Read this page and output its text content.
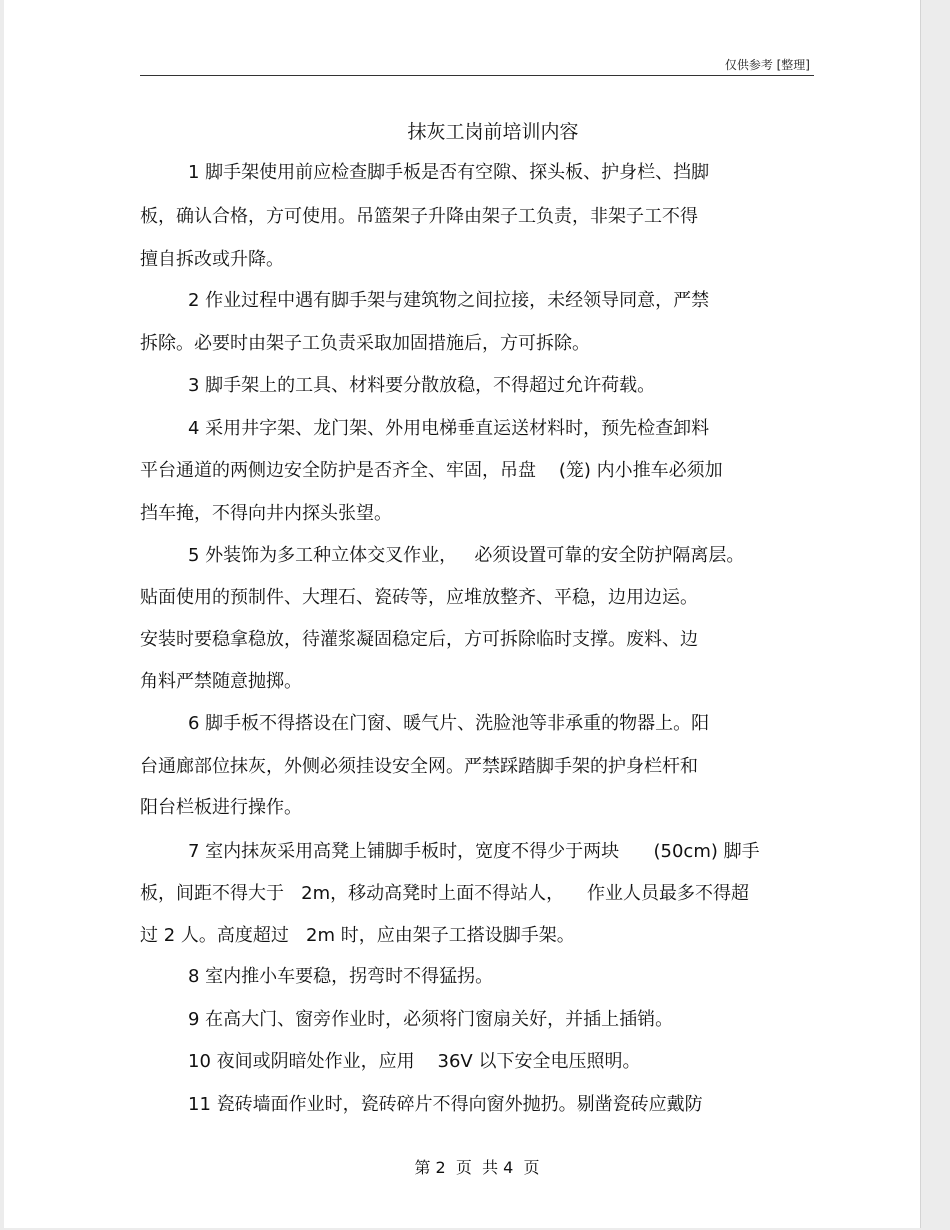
仅供参考 [整理]
抹灰工岗前培训内容
1 脚手架使用前应检查脚手板是否有空隙、探头板、护身栏、挡脚
板，确认合格，方可使用。吊篮架子升降由架子工负责，非架子工不得
擅自拆改或升降。
2 作业过程中遇有脚手架与建筑物之间拉接，未经领导同意，严禁
拆除。必要时由架子工负责采取加固措施后，方可拆除。
3 脚手架上的工具、材料要分散放稳，不得超过允许荷载。
4 采用井字架、龙门架、外用电梯垂直运送材料时，预先检查卸料
平台通道的两侧边安全防护是否齐全、牢固，吊盘    (笼) 内小推车必须加
挡车掩，不得向井内探头张望。
5 外装饰为多工种立体交叉作业，   必须设置可靠的安全防护隔离层。
贴面使用的预制件、大理石、瓷砖等，应堆放整齐、平稳，边用边运。
安装时要稳拿稳放，待灌浆凝固稳定后，方可拆除临时支撑。废料、边
角料严禁随意抛掷。
6 脚手板不得搭设在门窗、暖气片、洗脸池等非承重的物器上。阳
台通廊部位抹灰，外侧必须挂设安全网。严禁踩踏脚手架的护身栏杆和
阳台栏板进行操作。
7 室内抹灰采用高凳上铺脚手板时，宽度不得少于两块      (50cm) 脚手
板，间距不得大于   2m，移动高凳时上面不得站人，    作业人员最多不得超
过 2 人。高度超过   2m 时，应由架子工搭设脚手架。
8 室内推小车要稳，拐弯时不得猛拐。
9 在高大门、窗旁作业时，必须将门窗扇关好，并插上插销。
10 夜间或阴暗处作业，应用    36V 以下安全电压照明。
11 瓷砖墙面作业时，瓷砖碎片不得向窗外抛扔。剔凿瓷砖应戴防
第 2  页  共 4  页
